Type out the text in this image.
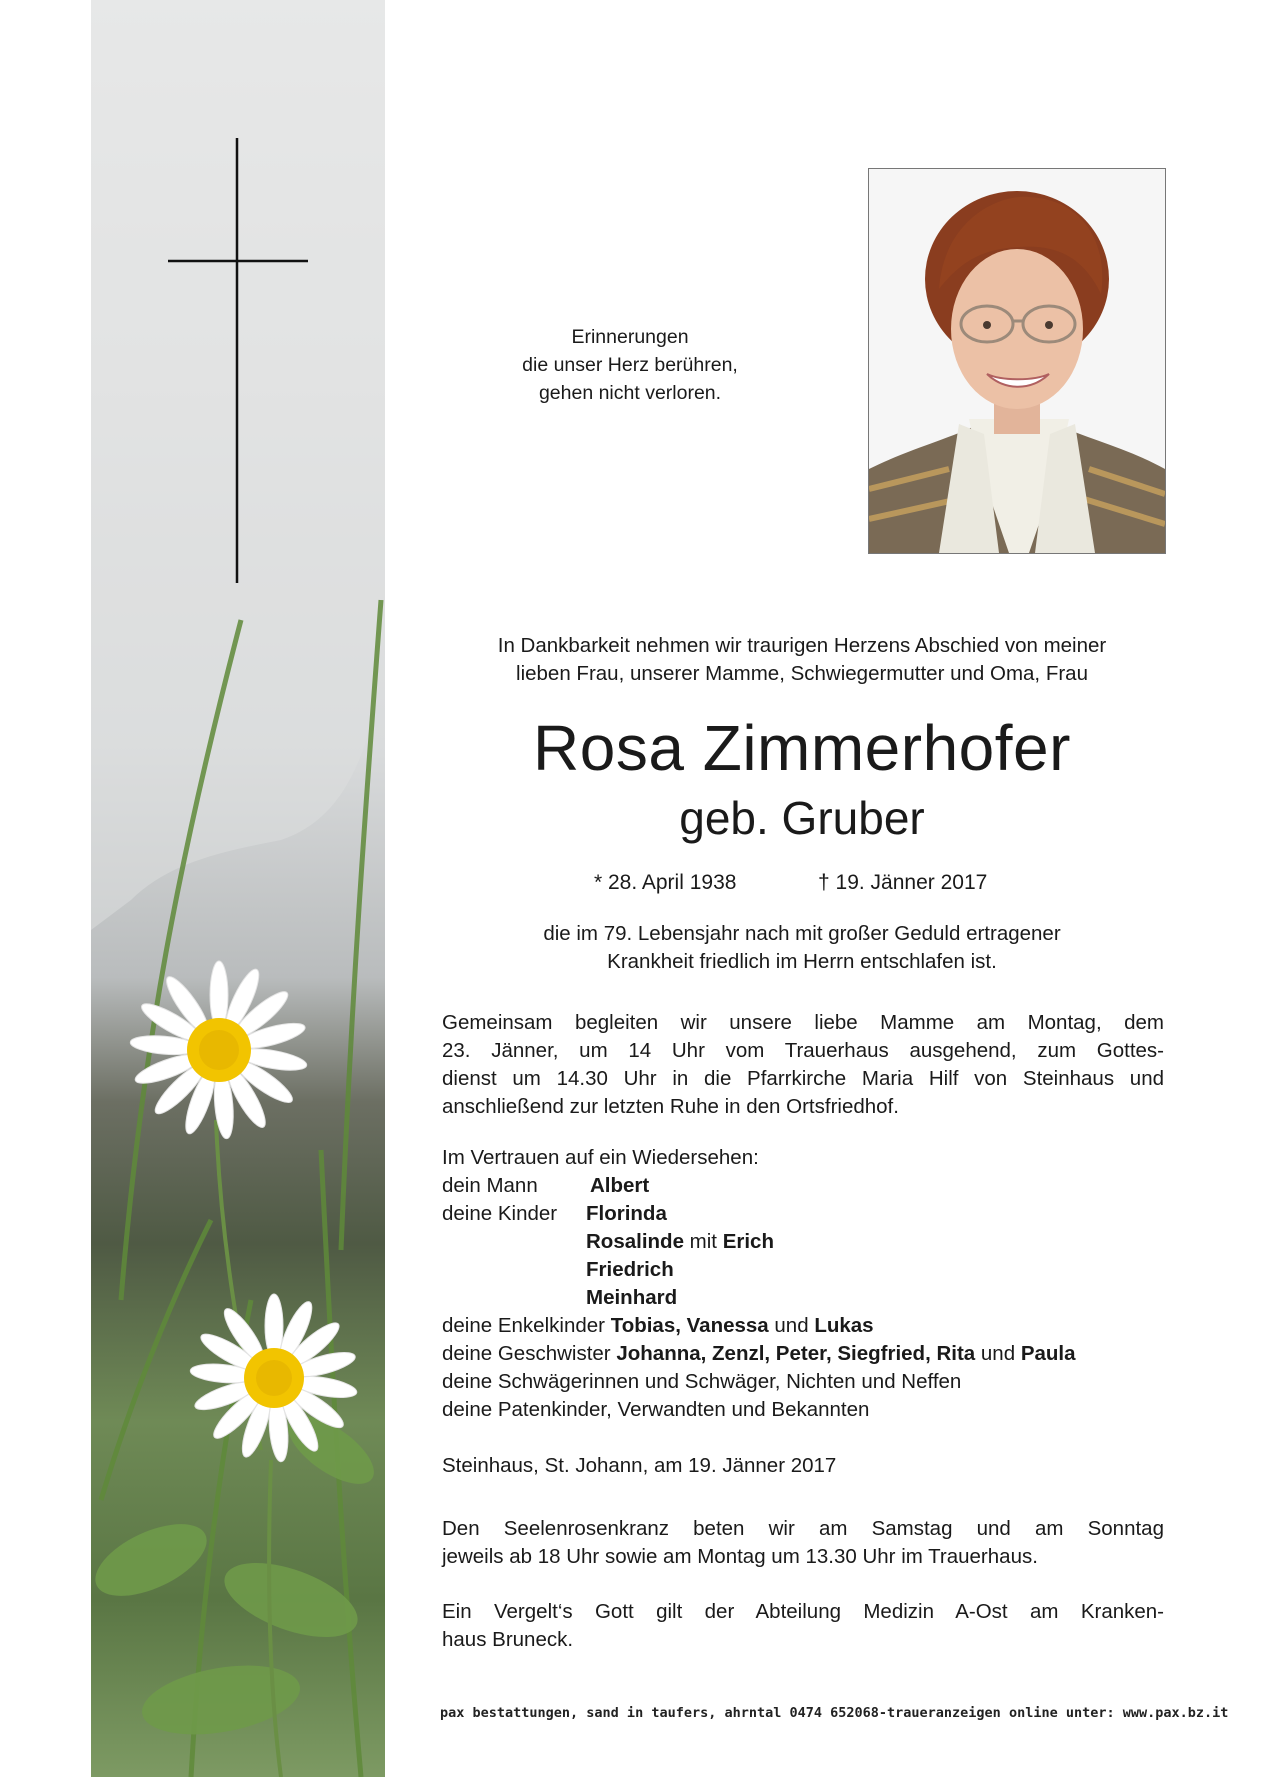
Erinnerungen
die unser Herz berühren,
gehen nicht verloren.
In Dankbarkeit nehmen wir traurigen Herzens Abschied von meiner
lieben Frau, unserer Mamme, Schwiegermutter und Oma, Frau
Rosa Zimmerhofer
geb. Gruber
* 28. April 1938	† 19. Jänner 2017
die im 79. Lebensjahr nach mit großer Geduld ertragener
Krankheit friedlich im Herrn entschlafen ist.
Gemeinsam begleiten wir unsere liebe Mamme am Montag, dem
23. Jänner, um 14 Uhr vom Trauerhaus ausgehend, zum Gottes-
dienst um 14.30 Uhr in die Pfarrkirche Maria Hilf von Steinhaus und
anschließend zur letzten Ruhe in den Ortsfriedhof.
Im Vertrauen auf ein Wiedersehen:
dein Mann	Albert
deine Kinder Florinda
Rosalinde mit Erich
Friedrich
Meinhard
deine Enkelkinder Tobias, Vanessa und Lukas
deine Geschwister Johanna, Zenzl, Peter, Siegfried, Rita und Paula
deine Schwägerinnen und Schwäger, Nichten und Neffen
deine Patenkinder, Verwandten und Bekannten
Steinhaus, St. Johann, am 19. Jänner 2017
Den Seelenrosenkranz beten wir am Samstag und am Sonntag
jeweils ab 18 Uhr sowie am Montag um 13.30 Uhr im Trauerhaus.
Ein Vergelt‘s Gott gilt der Abteilung Medizin A-Ost am Kranken-
haus Bruneck.
pax bestattungen, sand in taufers, ahrntal 0474 652068-traueranzeigen online unter: www.pax.bz.it
